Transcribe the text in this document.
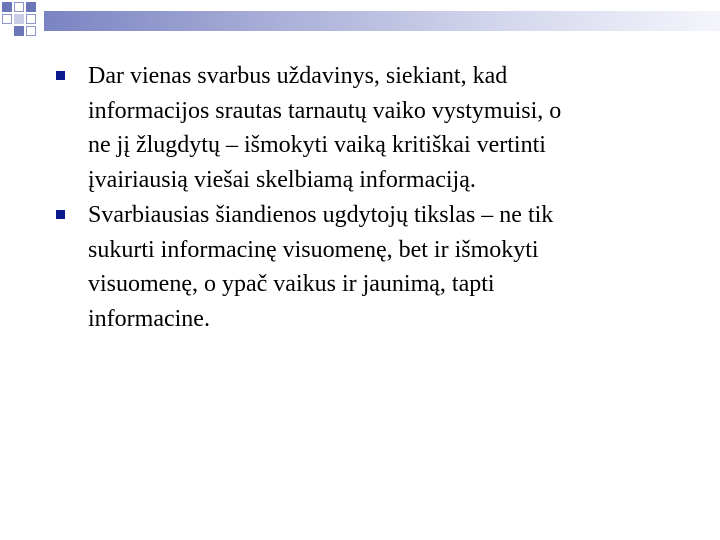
Dar vienas svarbus uždavinys, siekiant, kad
informacijos srautas tarnautų vaiko vystymuisi, o
ne jį žlugdytų – išmokyti vaiką kritiškai vertinti
įvairiausią viešai skelbiamą informaciją.
Svarbiausias šiandienos ugdytojų tikslas – ne tik
sukurti informacinę visuomenę, bet ir išmokyti
visuomenę, o ypač vaikus ir jaunimą, tapti
informacine.
